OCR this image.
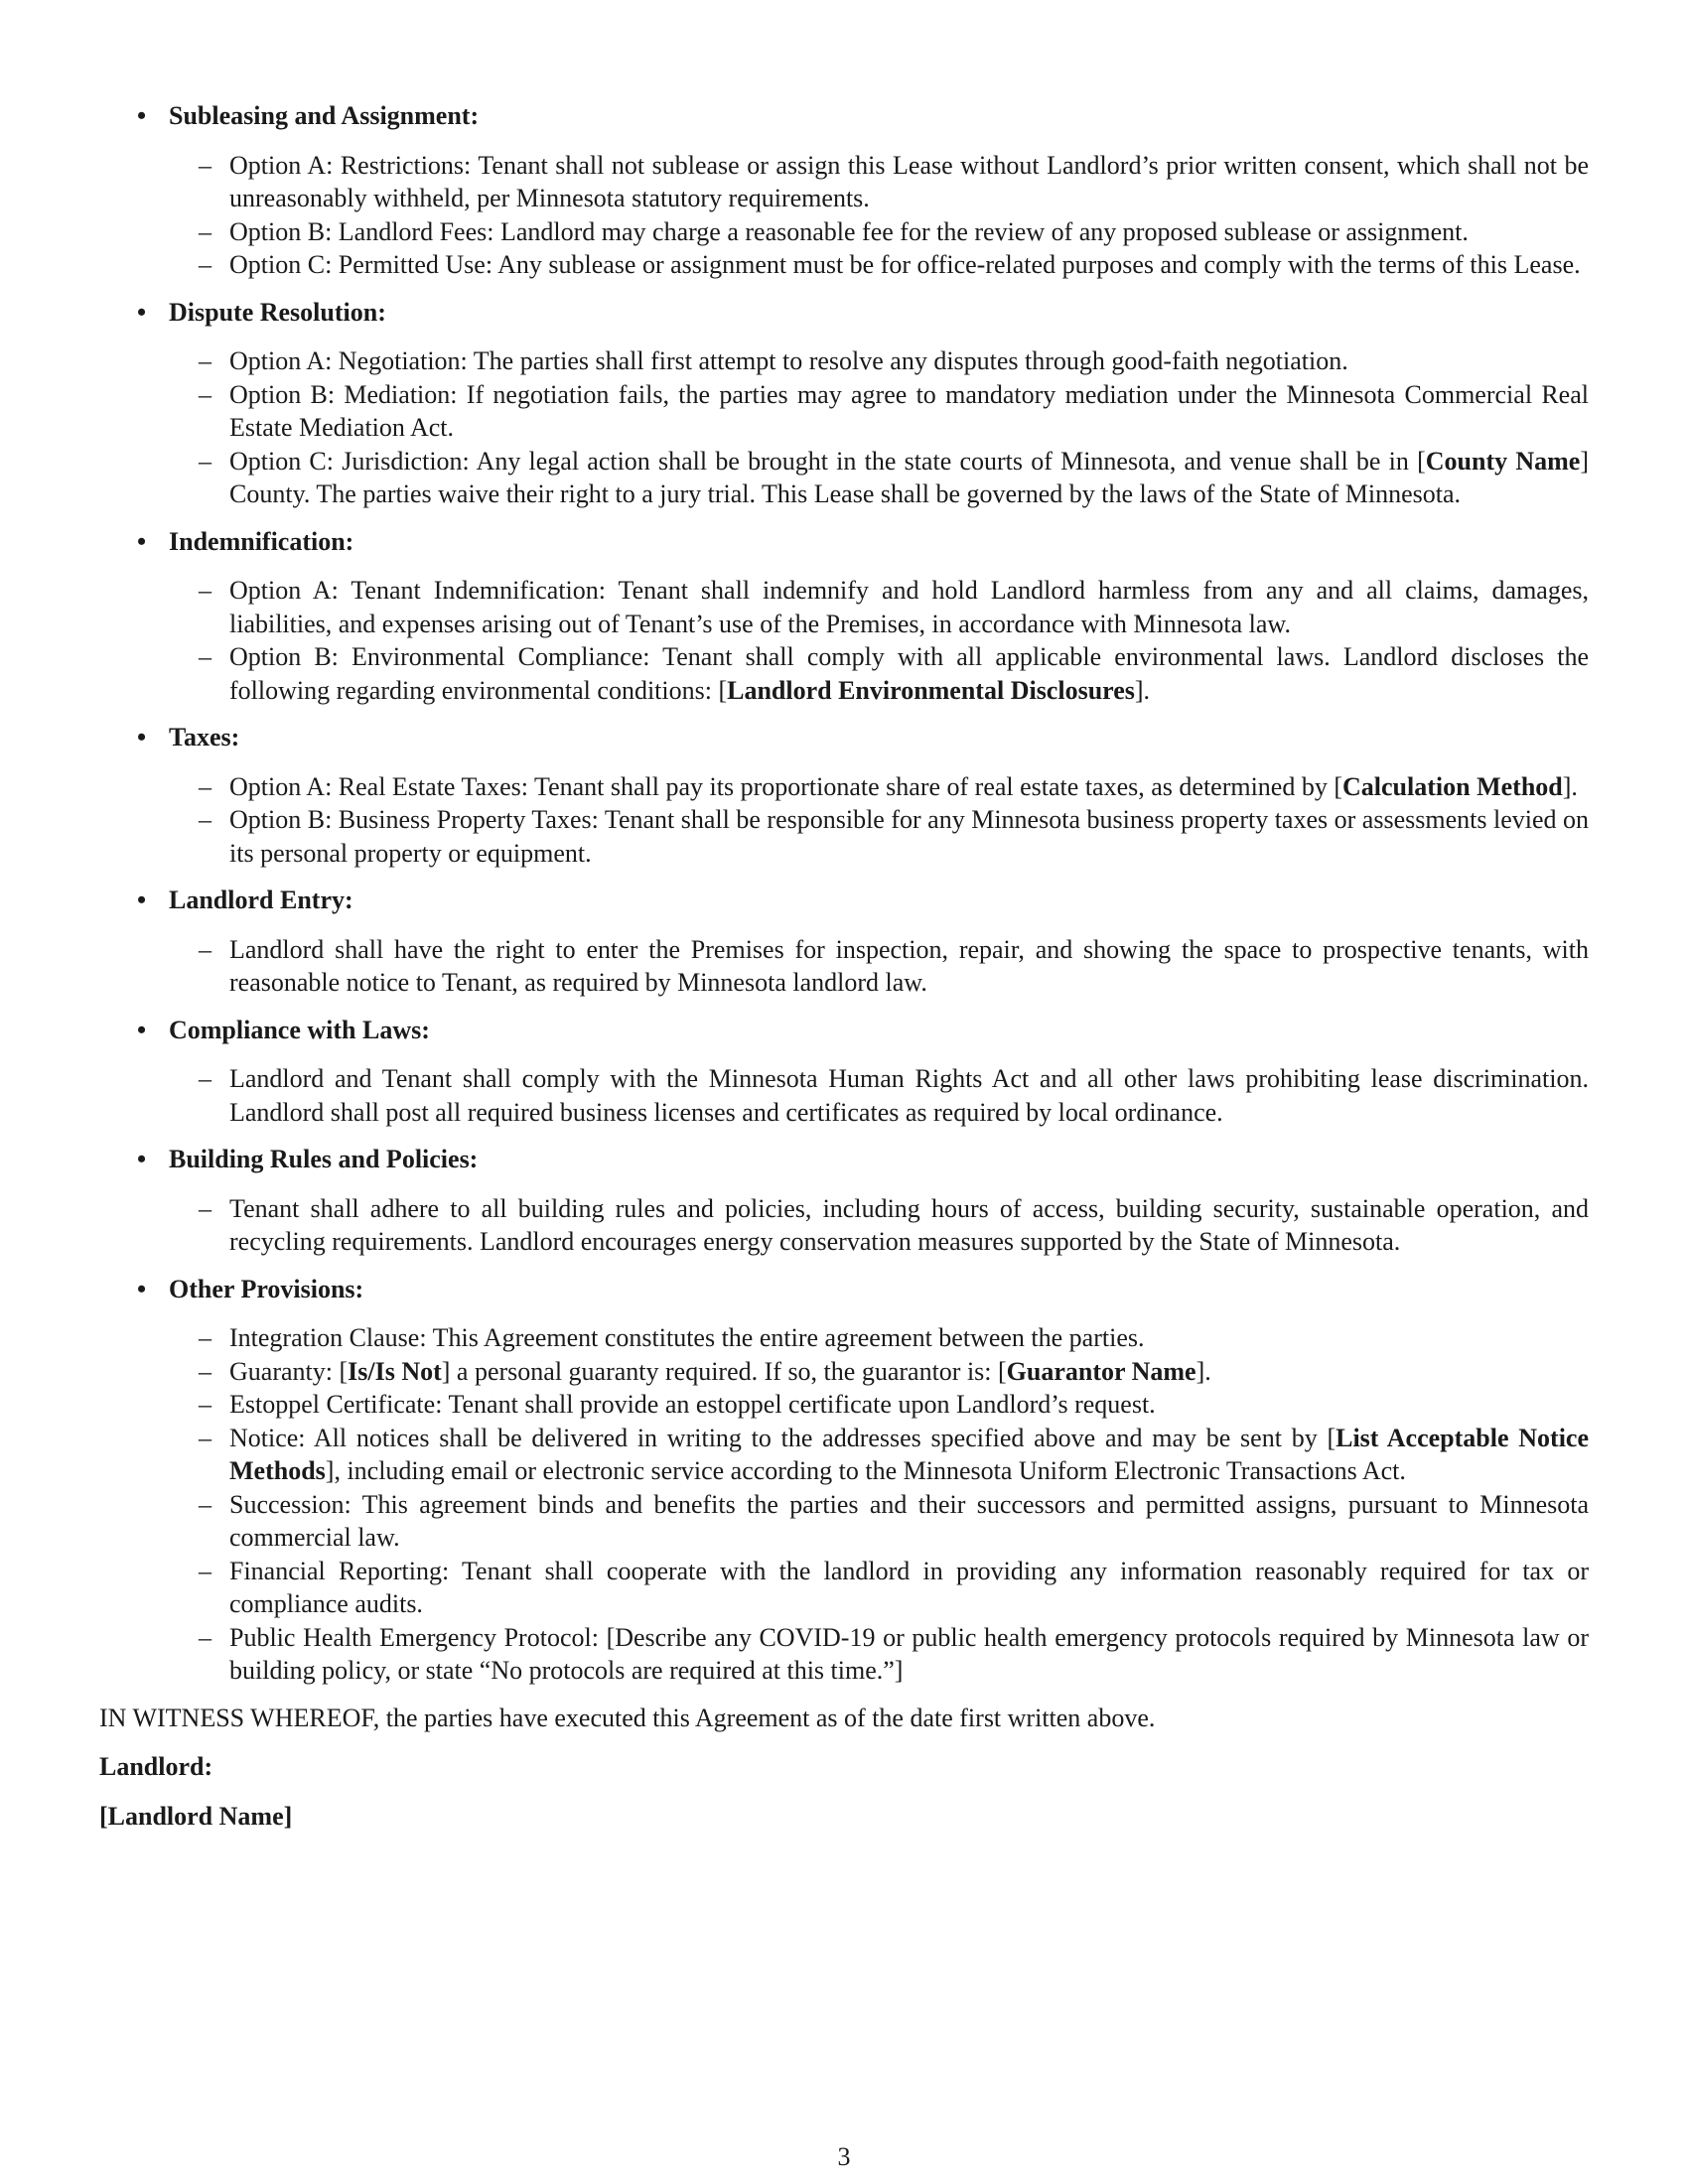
• Subleasing and Assignment:
– Option A: Restrictions: Tenant shall not sublease or assign this Lease without Landlord’s prior written consent, which shall not be unreasonably withheld, per Minnesota statutory requirements.
– Option B: Landlord Fees: Landlord may charge a reasonable fee for the review of any proposed sublease or assignment.
– Option C: Permitted Use: Any sublease or assignment must be for office-related purposes and comply with the terms of this Lease.
• Dispute Resolution:
– Option A: Negotiation: The parties shall first attempt to resolve any disputes through good-faith negotiation.
– Option B: Mediation: If negotiation fails, the parties may agree to mandatory mediation under the Minnesota Commercial Real Estate Mediation Act.
– Option C: Jurisdiction: Any legal action shall be brought in the state courts of Minnesota, and venue shall be in [County Name] County. The parties waive their right to a jury trial. This Lease shall be governed by the laws of the State of Minnesota.
• Indemnification:
– Option A: Tenant Indemnification: Tenant shall indemnify and hold Landlord harmless from any and all claims, damages, liabilities, and expenses arising out of Tenant’s use of the Premises, in accordance with Minnesota law.
– Option B: Environmental Compliance: Tenant shall comply with all applicable environmental laws. Landlord discloses the following regarding environmental conditions: [Landlord Environmental Disclosures].
• Taxes:
– Option A: Real Estate Taxes: Tenant shall pay its proportionate share of real estate taxes, as determined by [Calculation Method].
– Option B: Business Property Taxes: Tenant shall be responsible for any Minnesota business property taxes or assessments levied on its personal property or equipment.
• Landlord Entry:
– Landlord shall have the right to enter the Premises for inspection, repair, and showing the space to prospective tenants, with reasonable notice to Tenant, as required by Minnesota landlord law.
• Compliance with Laws:
– Landlord and Tenant shall comply with the Minnesota Human Rights Act and all other laws prohibiting lease discrimination. Landlord shall post all required business licenses and certificates as required by local ordinance.
• Building Rules and Policies:
– Tenant shall adhere to all building rules and policies, including hours of access, building security, sustainable operation, and recycling requirements. Landlord encourages energy conservation measures supported by the State of Minnesota.
• Other Provisions:
– Integration Clause: This Agreement constitutes the entire agreement between the parties.
– Guaranty: [Is/Is Not] a personal guaranty required. If so, the guarantor is: [Guarantor Name].
– Estoppel Certificate: Tenant shall provide an estoppel certificate upon Landlord’s request.
– Notice: All notices shall be delivered in writing to the addresses specified above and may be sent by [List Acceptable Notice Methods], including email or electronic service according to the Minnesota Uniform Electronic Transactions Act.
– Succession: This agreement binds and benefits the parties and their successors and permitted assigns, pursuant to Minnesota commercial law.
– Financial Reporting: Tenant shall cooperate with the landlord in providing any information reasonably required for tax or compliance audits.
– Public Health Emergency Protocol: [Describe any COVID-19 or public health emergency protocols required by Minnesota law or building policy, or state “No protocols are required at this time.”]

IN WITNESS WHEREOF, the parties have executed this Agreement as of the date first written above.

Landlord:

[Landlord Name]

3
